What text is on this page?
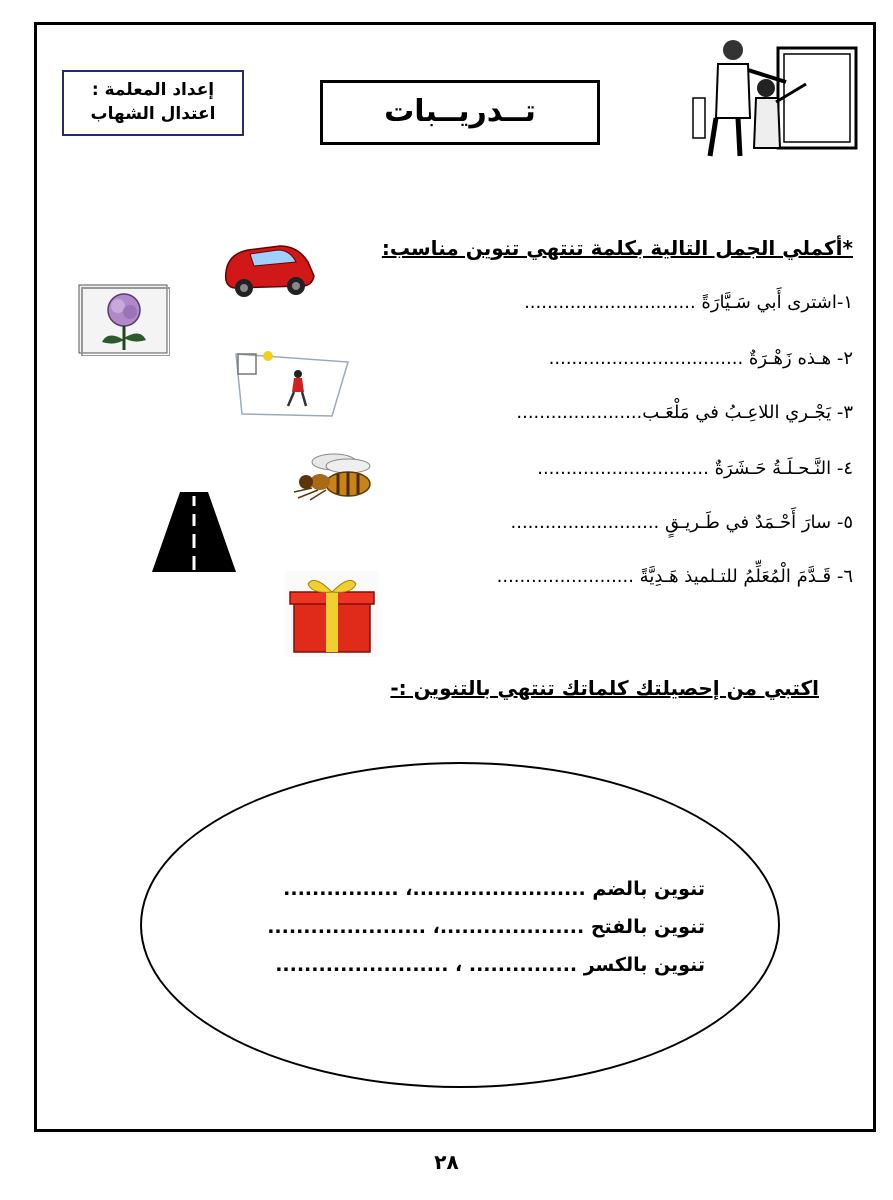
إعداد المعلمة :
اعتدال الشهاب	تــدريــبات
*أكملي الجمل التالية بكلمة تنتهي تنوين مناسب:
١-اشترى أَبي سَـيَّارَةً ..............................
٢- هـذه زَهْـرَةٌ ..................................
٣- يَجْـري اللاعِـبُ في مَلْعَـب......................
٤- النَّـحـلَـةُ حَـشَرَةٌ ..............................
٥- سارَ أَحْـمَدٌ في طَـريـقٍ ..........................
٦- قَـدَّمَ الْمُعَلِّمُ للتـلميذ هَـدِيَّةً ........................
اكتبي من إحصيلتك كلماتك تنتهي بالتنوين :-
تنوين بالضم ........................، ................
تنوين بالفتح ....................، ......................
تنوين بالكسر ............... ، ........................
٢٨
